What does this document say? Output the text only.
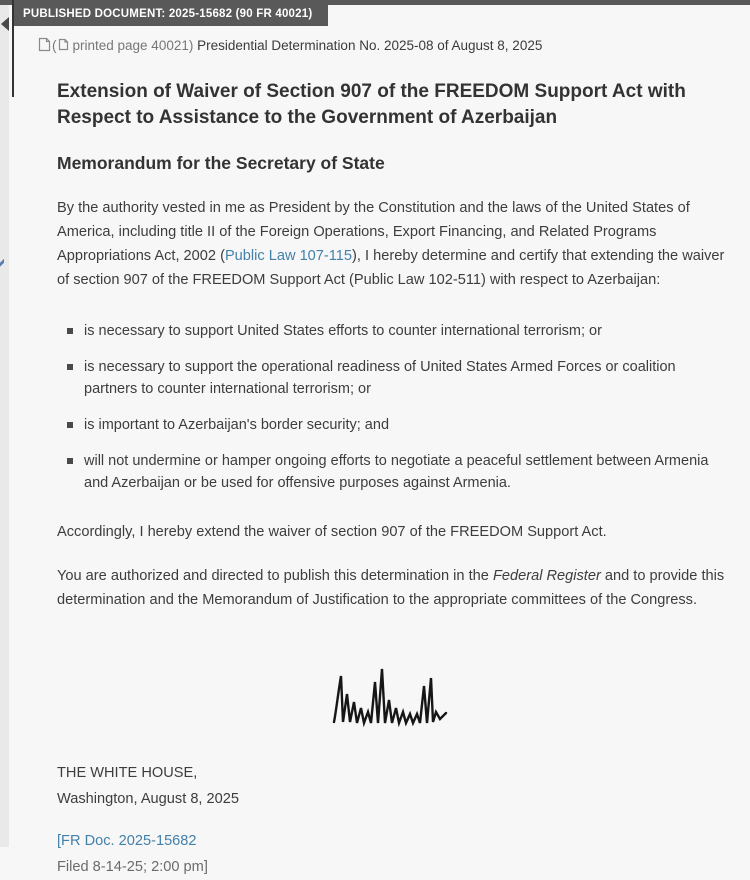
PUBLISHED DOCUMENT: 2025-15682 (90 FR 40021)
( printed page 40021)
Presidential Determination No. 2025-08 of August 8, 2025
Extension of Waiver of Section 907 of the FREEDOM Support Act with Respect to Assistance to the Government of Azerbaijan
Memorandum for the Secretary of State

By the authority vested in me as President by the Constitution and the laws of the United States of America, including title II of the Foreign Operations, Export Financing, and Related Programs Appropriations Act, 2002 (Public Law 107-115), I hereby determine and certify that extending the waiver of section 907 of the FREEDOM Support Act (Public Law 102-511) with respect to Azerbaijan:

is necessary to support United States efforts to counter international terrorism; or
is necessary to support the operational readiness of United States Armed Forces or coalition partners to counter international terrorism; or
is important to Azerbaijan's border security; and
will not undermine or hamper ongoing efforts to negotiate a peaceful settlement between Armenia and Azerbaijan or be used for offensive purposes against Armenia.

Accordingly, I hereby extend the waiver of section 907 of the FREEDOM Support Act.

You are authorized and directed to publish this determination in the Federal Register and to provide this determination and the Memorandum of Justification to the appropriate committees of the Congress.

THE WHITE HOUSE,
Washington, August 8, 2025
[FR Doc. 2025-15682
Filed 8-14-25; 2:00 pm]
